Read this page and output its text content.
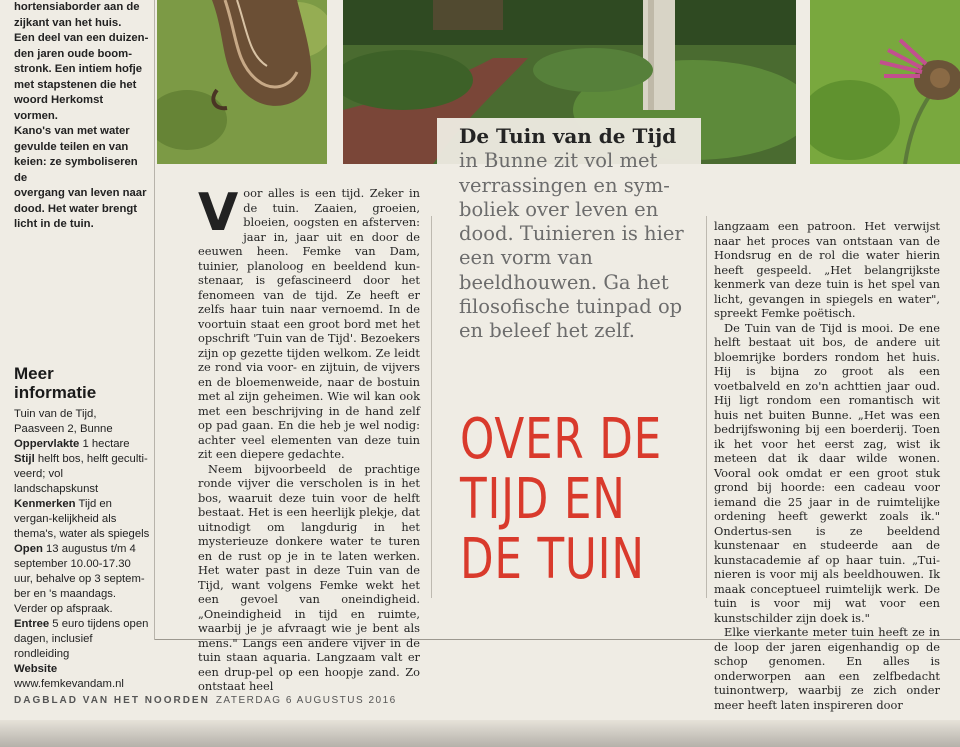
hortensiaborder aan de

zijkant van het huis.

Een deel van een duizen-

den jaren oude boom-

stronk. Een intiem hofje

met stapstenen die het

woord Herkomst vormen.

Kano's van met water

gevulde teilen en van

keien: ze symboliseren de

overgang van leven naar

dood. Het water brengt

licht in de tuin.

Meer
informatie

Tuin van de Tijd,

Paasveen 2, Bunne

Oppervlakte 1 hectare

Stijl helft bos, helft geculti-veerd; vol landschapskunst

Kenmerken Tijd en vergan-kelijkheid als thema's, water als spiegels

Open 13 augustus t/m 4 september 10.00-17.30 uur, behalve op 3 septem-ber en 's maandags. Verder op afspraak.

Entree 5 euro tijdens open dagen, inclusief rondleiding

Website

www.femkevandam.nl

De Tuin van de Tijd

in Bunne zit vol met verrassingen en sym-boliek over leven en dood. Tuinieren is hier een vorm van beeldhouwen. Ga het filosofische tuinpad op en beleef het zelf.

OVER DE
TIJD EN
DE TUIN

Voor alles is een tijd. Zeker in de tuin. Zaaien, groeien, bloeien, oogsten en afsterven: jaar in, jaar uit en door de eeuwen heen. Femke van Dam, tuinier, planoloog en beeldend kun-stenaar, is gefascineerd door het fenomeen van de tijd. Ze heeft er zelfs haar tuin naar vernoemd. In de voortuin staat een groot bord met het opschrift 'Tuin van de Tijd'. Bezoekers zijn op gezette tijden welkom. Ze leidt ze rond via voor- en zijtuin, de vijvers en de bloemenweide, naar de bostuin met al zijn geheimen. Wie wil kan ook met een beschrijving in de hand zelf op pad gaan. En die heb je wel nodig: achter veel elementen van deze tuin zit een diepere gedachte.

Neem bijvoorbeeld de prachtige ronde vijver die verscholen is in het bos, waaruit deze tuin voor de helft bestaat. Het is een heerlijk plekje, dat uitnodigt om langdurig in het mysterieuze donkere water te turen en de rust op je in te laten werken. Het water past in deze Tuin van de Tijd, want volgens Femke wekt het een gevoel van oneindigheid. „Oneindigheid in tijd en ruimte, waarbij je je afvraagt wie je bent als mens." Langs een andere vijver in de tuin staan aquaria. Langzaam valt er een drup-pel op een hoopje zand. Zo ontstaat heel

langzaam een patroon. Het verwijst naar het proces van ontstaan van de Hondsrug en de rol die water hierin heeft gespeeld. „Het belangrijkste kenmerk van deze tuin is het spel van licht, gevangen in spiegels en water", spreekt Femke poëtisch.

De Tuin van de Tijd is mooi. De ene helft bestaat uit bos, de andere uit bloemrijke borders rondom het huis. Hij is bijna zo groot als een voetbalveld en zo'n achttien jaar oud. Hij ligt rondom een romantisch wit huis net buiten Bunne. „Het was een bedrijfswoning bij een boerderij. Toen ik het voor het eerst zag, wist ik meteen dat ik daar wilde wonen. Vooral ook omdat er een groot stuk grond bij hoorde: een cadeau voor iemand die 25 jaar in de ruimtelijke ordening heeft gewerkt zoals ik." Ondertus-sen is ze beeldend kunstenaar en studeerde aan de kunstacademie af op haar tuin. „Tui-nieren is voor mij als beeldhouwen. Ik maak conceptueel ruimtelijk werk. De tuin is voor mij wat voor een kunstschilder zijn doek is."

Elke vierkante meter tuin heeft ze in de loop der jaren eigenhandig op de schop genomen. En alles is onderworpen aan een zelfbedacht tuinontwerp, waarbij ze zich onder meer heeft laten inspireren door

DAGBLAD VAN HET NOORDEN ZATERDAG 6 AUGUSTUS 2016
